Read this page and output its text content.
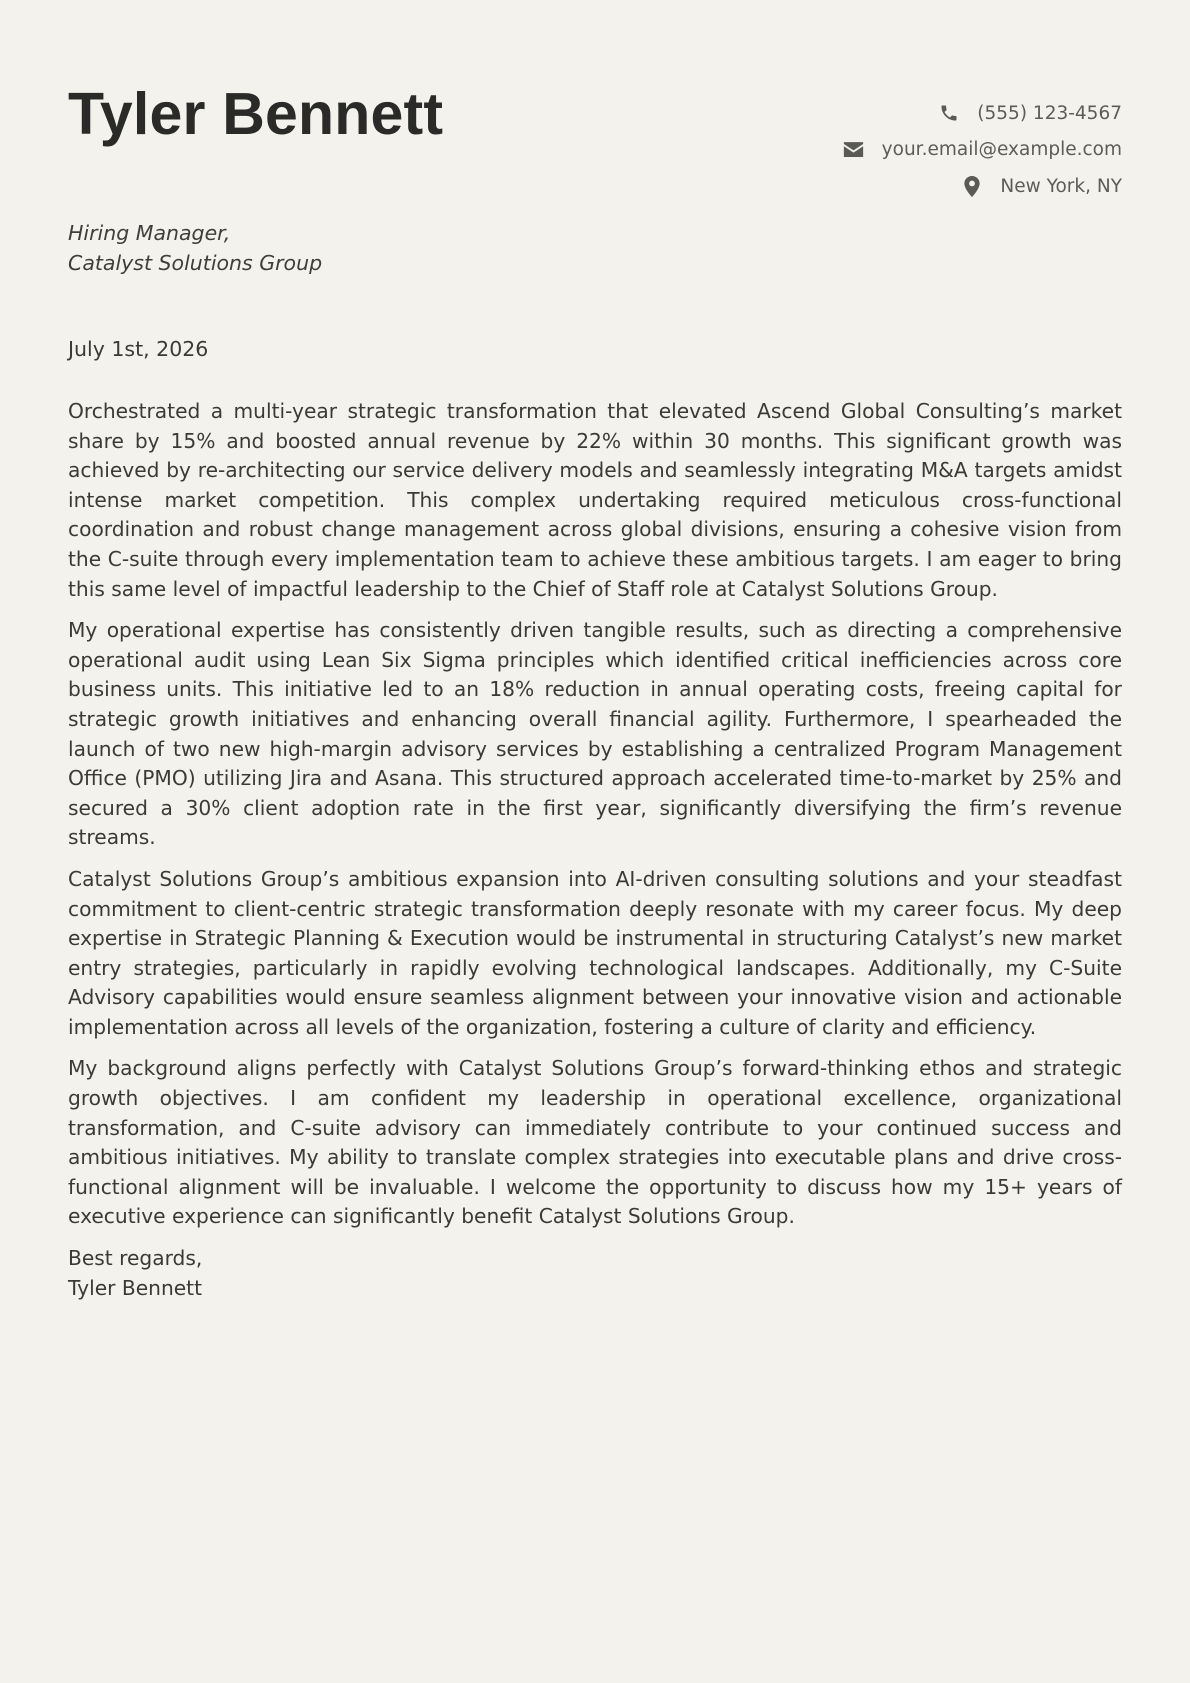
Tyler Bennett	(555) 123-4567
your.email@example.com
New York, NY
Hiring Manager,
Catalyst Solutions Group
July 1st, 2026

Orchestrated a multi-year strategic transformation that elevated Ascend Global Consulting’s market share by 15% and boosted annual revenue by 22% within 30 months. This significant growth was achieved by re-architecting our service delivery models and seamlessly integrating M&A targets amidst intense market competition. This complex undertaking required meticulous cross-functional coordination and robust change management across global divisions, ensuring a cohesive vision from the C-suite through every implementation team to achieve these ambitious targets. I am eager to bring this same level of impactful leadership to the Chief of Staff role at Catalyst Solutions Group.

My operational expertise has consistently driven tangible results, such as directing a comprehensive operational audit using Lean Six Sigma principles which identified critical inefficiencies across core business units. This initiative led to an 18% reduction in annual operating costs, freeing capital for strategic growth initiatives and enhancing overall financial agility. Furthermore, I spearheaded the launch of two new high-margin advisory services by establishing a centralized Program Management Office (PMO) utilizing Jira and Asana. This structured approach accelerated time-to-market by 25% and secured a 30% client adoption rate in the first year, significantly diversifying the firm’s revenue streams.

Catalyst Solutions Group’s ambitious expansion into AI-driven consulting solutions and your steadfast commitment to client-centric strategic transformation deeply resonate with my career focus. My deep expertise in Strategic Planning & Execution would be instrumental in structuring Catalyst’s new market entry strategies, particularly in rapidly evolving technological landscapes. Additionally, my C-Suite Advisory capabilities would ensure seamless alignment between your innovative vision and actionable implementation across all levels of the organization, fostering a culture of clarity and efficiency.

My background aligns perfectly with Catalyst Solutions Group’s forward-thinking ethos and strategic growth objectives. I am confident my leadership in operational excellence, organizational transformation, and C-suite advisory can immediately contribute to your continued success and ambitious initiatives. My ability to translate complex strategies into executable plans and drive cross-functional alignment will be invaluable. I welcome the opportunity to discuss how my 15+ years of executive experience can significantly benefit Catalyst Solutions Group.

Best regards,
Tyler Bennett
